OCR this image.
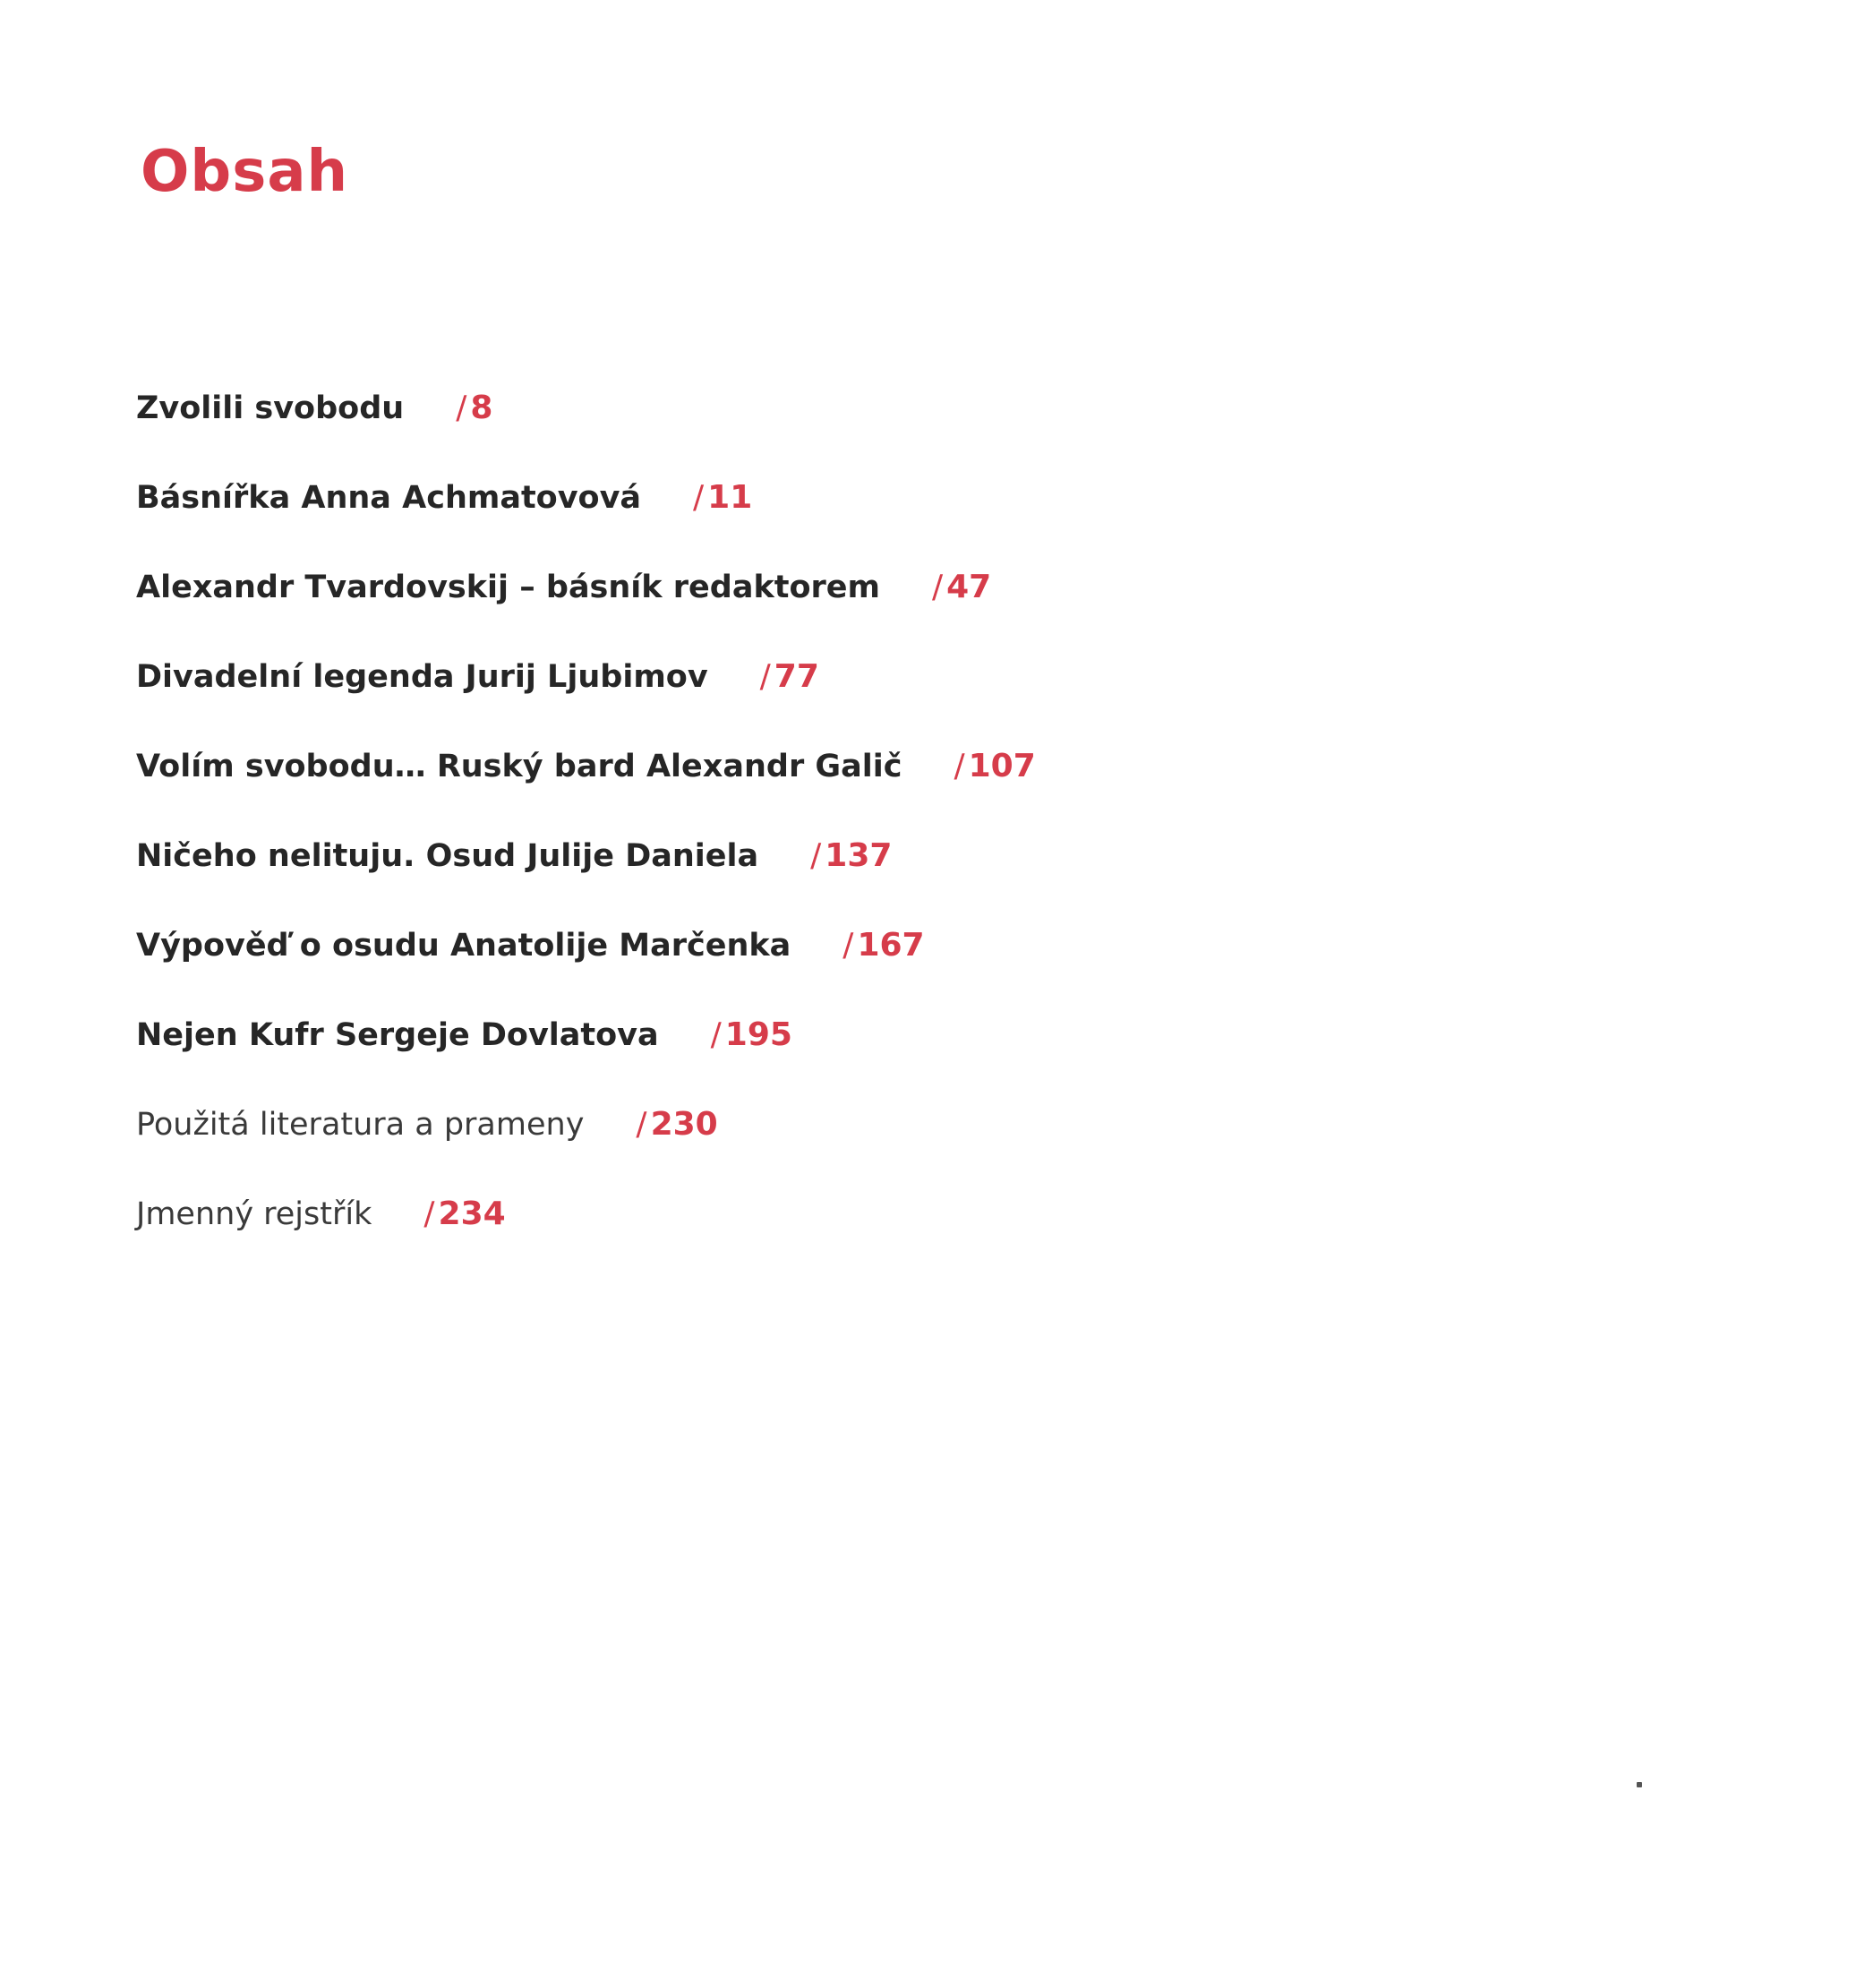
Obsah
Zvolili svobodu / 8
Básnířka Anna Achmatovová / 11
Alexandr Tvardovskij – básník redaktorem / 47
Divadelní legenda Jurij Ljubimov / 77
Volím svobodu… Ruský bard Alexandr Galič / 107
Ničeho nelituju. Osud Julije Daniela / 137
Výpověď o osudu Anatolije Marčenka / 167
Nejen Kufr Sergeje Dovlatova / 195
Použitá literatura a prameny / 230
Jmenný rejstřík / 234
